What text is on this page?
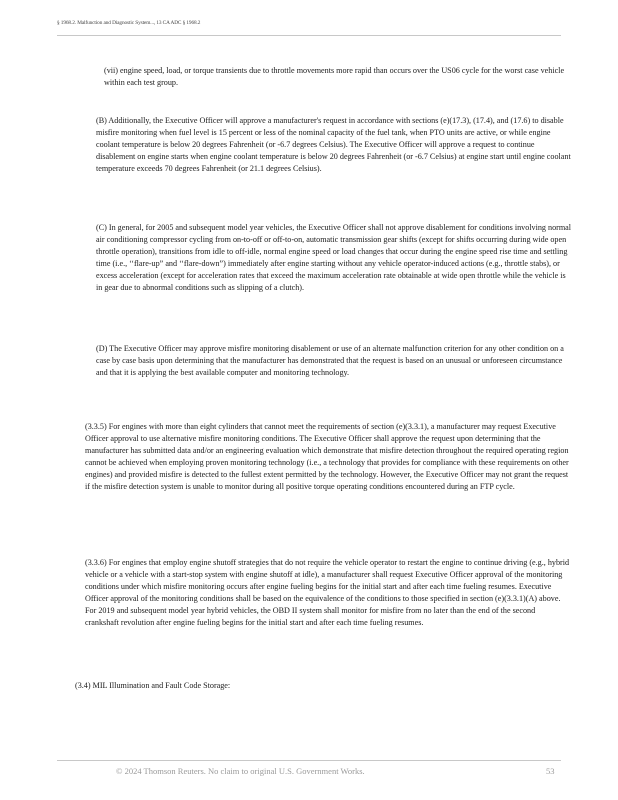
§ 1968.2. Malfunction and Diagnostic System..., 13 CA ADC § 1968.2

(vii) engine speed, load, or torque transients due to throttle movements more rapid than occurs over the US06 cycle for the worst case vehicle within each test group.

(B) Additionally, the Executive Officer will approve a manufacturer's request in accordance with sections (e)(17.3), (17.4), and (17.6) to disable misfire monitoring when fuel level is 15 percent or less of the nominal capacity of the fuel tank, when PTO units are active, or while engine coolant temperature is below 20 degrees Fahrenheit (or -6.7 degrees Celsius). The Executive Officer will approve a request to continue disablement on engine starts when engine coolant temperature is below 20 degrees Fahrenheit (or -6.7 Celsius) at engine start until engine coolant temperature exceeds 70 degrees Fahrenheit (or 21.1 degrees Celsius).

(C) In general, for 2005 and subsequent model year vehicles, the Executive Officer shall not approve disablement for conditions involving normal air conditioning compressor cycling from on-to-off or off-to-on, automatic transmission gear shifts (except for shifts occurring during wide open throttle operation), transitions from idle to off-idle, normal engine speed or load changes that occur during the engine speed rise time and settling time (i.e., ‘‘flare-up” and ‘‘flare-down”) immediately after engine starting without any vehicle operator-induced actions (e.g., throttle stabs), or excess acceleration (except for acceleration rates that exceed the maximum acceleration rate obtainable at wide open throttle while the vehicle is in gear due to abnormal conditions such as slipping of a clutch).

(D) The Executive Officer may approve misfire monitoring disablement or use of an alternate malfunction criterion for any other condition on a case by case basis upon determining that the manufacturer has demonstrated that the request is based on an unusual or unforeseen circumstance and that it is applying the best available computer and monitoring technology.

(3.3.5) For engines with more than eight cylinders that cannot meet the requirements of section (e)(3.3.1), a manufacturer may request Executive Officer approval to use alternative misfire monitoring conditions. The Executive Officer shall approve the request upon determining that the manufacturer has submitted data and/or an engineering evaluation which demonstrate that misfire detection throughout the required operating region cannot be achieved when employing proven monitoring technology (i.e., a technology that provides for compliance with these requirements on other engines) and provided misfire is detected to the fullest extent permitted by the technology. However, the Executive Officer may not grant the request if the misfire detection system is unable to monitor during all positive torque operating conditions encountered during an FTP cycle.

(3.3.6) For engines that employ engine shutoff strategies that do not require the vehicle operator to restart the engine to continue driving (e.g., hybrid vehicle or a vehicle with a start-stop system with engine shutoff at idle), a manufacturer shall request Executive Officer approval of the monitoring conditions under which misfire monitoring occurs after engine fueling begins for the initial start and after each time fueling resumes. Executive Officer approval of the monitoring conditions shall be based on the equivalence of the conditions to those specified in section (e)(3.3.1)(A) above. For 2019 and subsequent model year hybrid vehicles, the OBD II system shall monitor for misfire from no later than the end of the second crankshaft revolution after engine fueling begins for the initial start and after each time fueling resumes.

(3.4) MIL Illumination and Fault Code Storage:

© 2024 Thomson Reuters. No claim to original U.S. Government Works.	53
